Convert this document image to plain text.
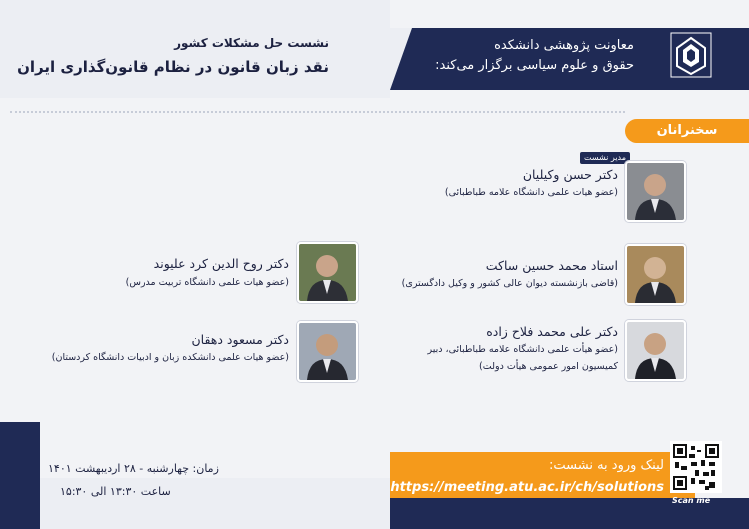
معاونت پژوهشی دانشکده
حقوق و علوم سیاسی برگزار می‌کند:
نشست حل مشکلات کشور
نقد زبان قانون در نظام قانون‌گذاری ایران
سخنرانان
مدیر نشست
دکتر حسن وکیلیان
(عضو هیات علمی دانشگاه علامه طباطبائی)
استاد محمد حسین ساکت
(قاضی بازنشسته دیوان عالی کشور و وکیل دادگستری)
دکتر علی محمد فلاح زاده
(عضو هیأت علمی دانشگاه علامه طباطبائی، دبیر
کمیسیون امور عمومی هیأت دولت)
دکتر روح الدین کرد علیوند
(عضو هیات علمی دانشگاه تربیت مدرس)
دکتر مسعود دهقان
(عضو هیات علمی دانشکده زبان و ادبیات دانشگاه کردستان)
زمان: چهارشنبه - ۲۸ اردیبهشت ۱۴۰۱
ساعت ۱۳:۳۰ الی ۱۵:۳۰
لینک ورود به نشست:
https://meeting.atu.ac.ir/ch/solutions
Scan me
